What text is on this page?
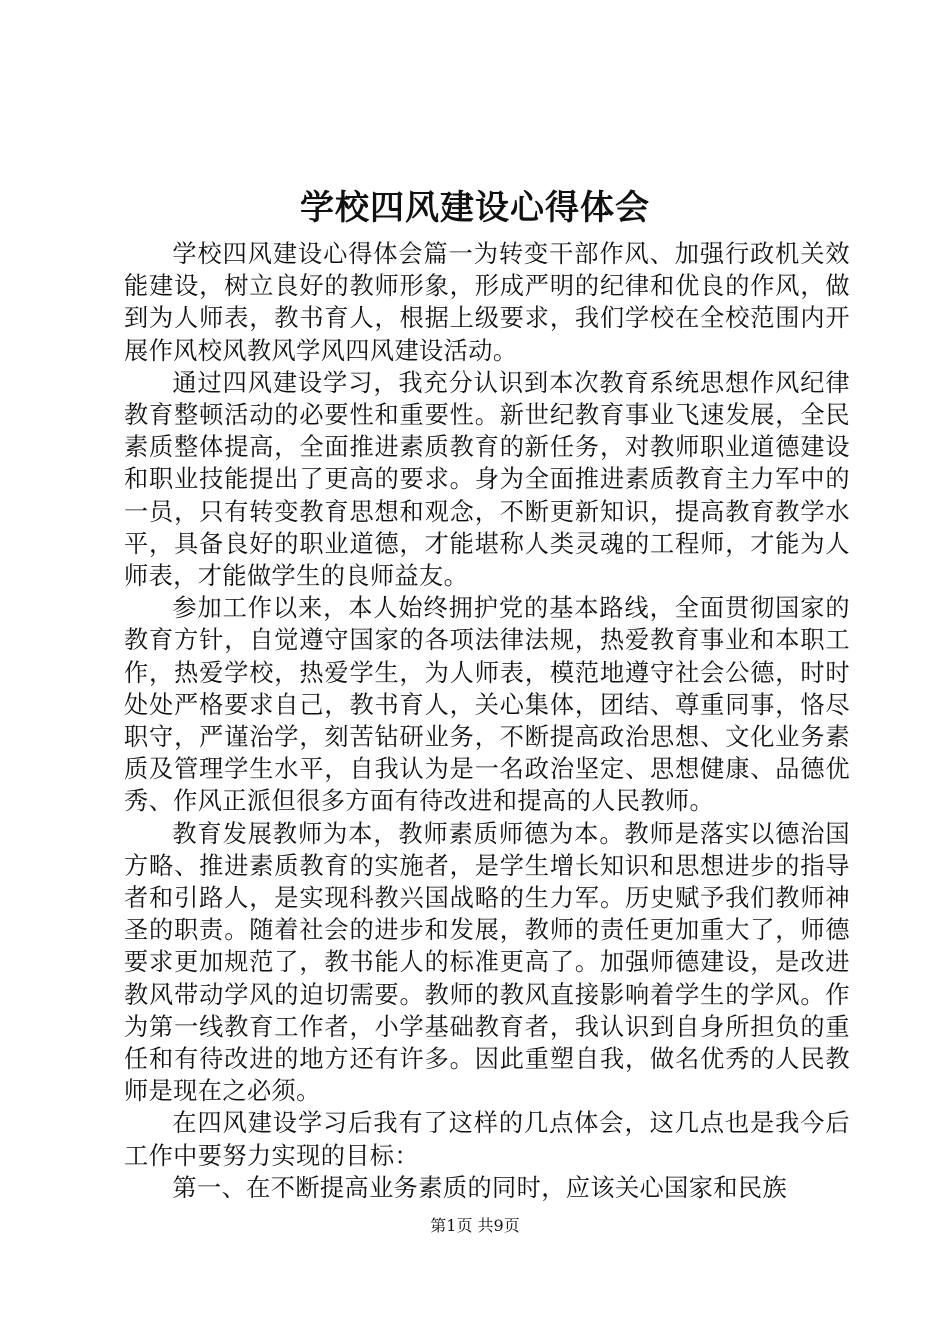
学校四风建设心得体会

学校四风建设心得体会篇一为转变干部作风、加强行政机关效能建设，树立良好的教师形象，形成严明的纪律和优良的作风，做到为人师表，教书育人，根据上级要求，我们学校在全校范围内开展作风校风教风学风四风建设活动。

通过四风建设学习，我充分认识到本次教育系统思想作风纪律教育整顿活动的必要性和重要性。新世纪教育事业飞速发展，全民素质整体提高，全面推进素质教育的新任务，对教师职业道德建设和职业技能提出了更高的要求。身为全面推进素质教育主力军中的一员，只有转变教育思想和观念，不断更新知识，提高教育教学水平，具备良好的职业道德，才能堪称人类灵魂的工程师，才能为人师表，才能做学生的良师益友。

参加工作以来，本人始终拥护党的基本路线，全面贯彻国家的教育方针，自觉遵守国家的各项法律法规，热爱教育事业和本职工作，热爱学校，热爱学生，为人师表，模范地遵守社会公德，时时处处严格要求自己，教书育人，关心集体，团结、尊重同事，恪尽职守，严谨治学，刻苦钻研业务，不断提高政治思想、文化业务素质及管理学生水平，自我认为是一名政治坚定、思想健康、品德优秀、作风正派但很多方面有待改进和提高的人民教师。

教育发展教师为本，教师素质师德为本。教师是落实以德治国方略、推进素质教育的实施者，是学生增长知识和思想进步的指导者和引路人，是实现科教兴国战略的生力军。历史赋予我们教师神圣的职责。随着社会的进步和发展，教师的责任更加重大了，师德要求更加规范了，教书能人的标准更高了。加强师德建设，是改进教风带动学风的迫切需要。教师的教风直接影响着学生的学风。作为第一线教育工作者，小学基础教育者，我认识到自身所担负的重任和有待改进的地方还有许多。因此重塑自我，做名优秀的人民教师是现在之必须。

在四风建设学习后我有了这样的几点体会，这几点也是我今后工作中要努力实现的目标：

第一、在不断提高业务素质的同时，应该关心国家和民族

第1页 共9页
